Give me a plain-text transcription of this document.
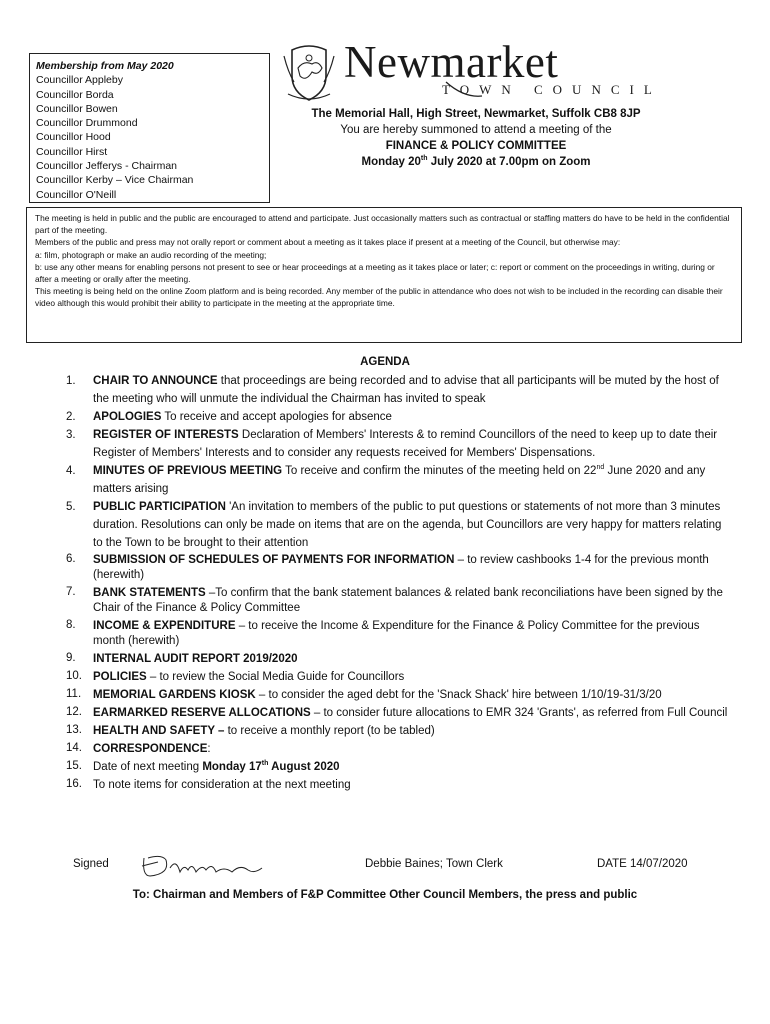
Membership from May 2020
Councillor Appleby
Councillor Borda
Councillor Bowen
Councillor Drummond
Councillor Hood
Councillor Hirst
Councillor Jefferys - Chairman
Councillor Kerby – Vice Chairman
Councillor O'Neill
Newmarket
TOWN COUNCIL
The Memorial Hall, High Street, Newmarket, Suffolk CB8 8JP
You are hereby summoned to attend a meeting of the
FINANCE & POLICY COMMITTEE
Monday 20th July 2020 at 7.00pm on Zoom

The meeting is held in public and the public are encouraged to attend and participate. Just occasionally matters such as contractual or staffing matters do have to be held in the confidential part of the meeting.

Members of the public and press may not orally report or comment about a meeting as it takes place if present at a meeting of the Council, but otherwise may:

a: film, photograph or make an audio recording of the meeting;

b: use any other means for enabling persons not present to see or hear proceedings at a meeting as it takes place or later; c: report or comment on the proceedings in writing, during or after a meeting or orally after the meeting.

This meeting is being held on the online Zoom platform and is being recorded. Any member of the public in attendance who does not wish to be included in the recording can disable their video although this would prohibit their ability to participate in the meeting at the appropriate time.

AGENDA
1. CHAIR TO ANNOUNCE that proceedings are being recorded and to advise that all participants will be muted by the host of the meeting who will unmute the individual the Chairman has invited to speak
2. APOLOGIES To receive and accept apologies for absence
3. REGISTER OF INTERESTS Declaration of Members' Interests & to remind Councillors of the need to keep up to date their Register of Members' Interests and to consider any requests received for Members' Dispensations.
4. MINUTES OF PREVIOUS MEETING To receive and confirm the minutes of the meeting held on 22nd June 2020 and any matters arising
5. PUBLIC PARTICIPATION 'An invitation to members of the public to put questions or statements of not more than 3 minutes duration. Resolutions can only be made on items that are on the agenda, but Councillors are very happy for matters relating to the Town to be brought to their attention
6. SUBMISSION OF SCHEDULES OF PAYMENTS FOR INFORMATION – to review cashbooks 1-4 for the previous month (herewith)
7. BANK STATEMENTS –To confirm that the bank statement balances & related bank reconciliations have been signed by the Chair of the Finance & Policy Committee
8. INCOME & EXPENDITURE – to receive the Income & Expenditure for the Finance & Policy Committee for the previous month (herewith)
9. INTERNAL AUDIT REPORT 2019/2020
10. POLICIES – to review the Social Media Guide for Councillors
11. MEMORIAL GARDENS KIOSK – to consider the aged debt for the 'Snack Shack' hire between 1/10/19-31/3/20
12. EARMARKED RESERVE ALLOCATIONS – to consider future allocations to EMR 324 'Grants', as referred from Full Council
13. HEALTH AND SAFETY – to receive a monthly report (to be tabled)
14. CORRESPONDENCE:
15. Date of next meeting Monday 17th August 2020
16. To note items for consideration at the next meeting
Signed	Debbie Baines; Town Clerk	DATE 14/07/2020
To: Chairman and Members of F&P Committee Other Council Members, the press and public
